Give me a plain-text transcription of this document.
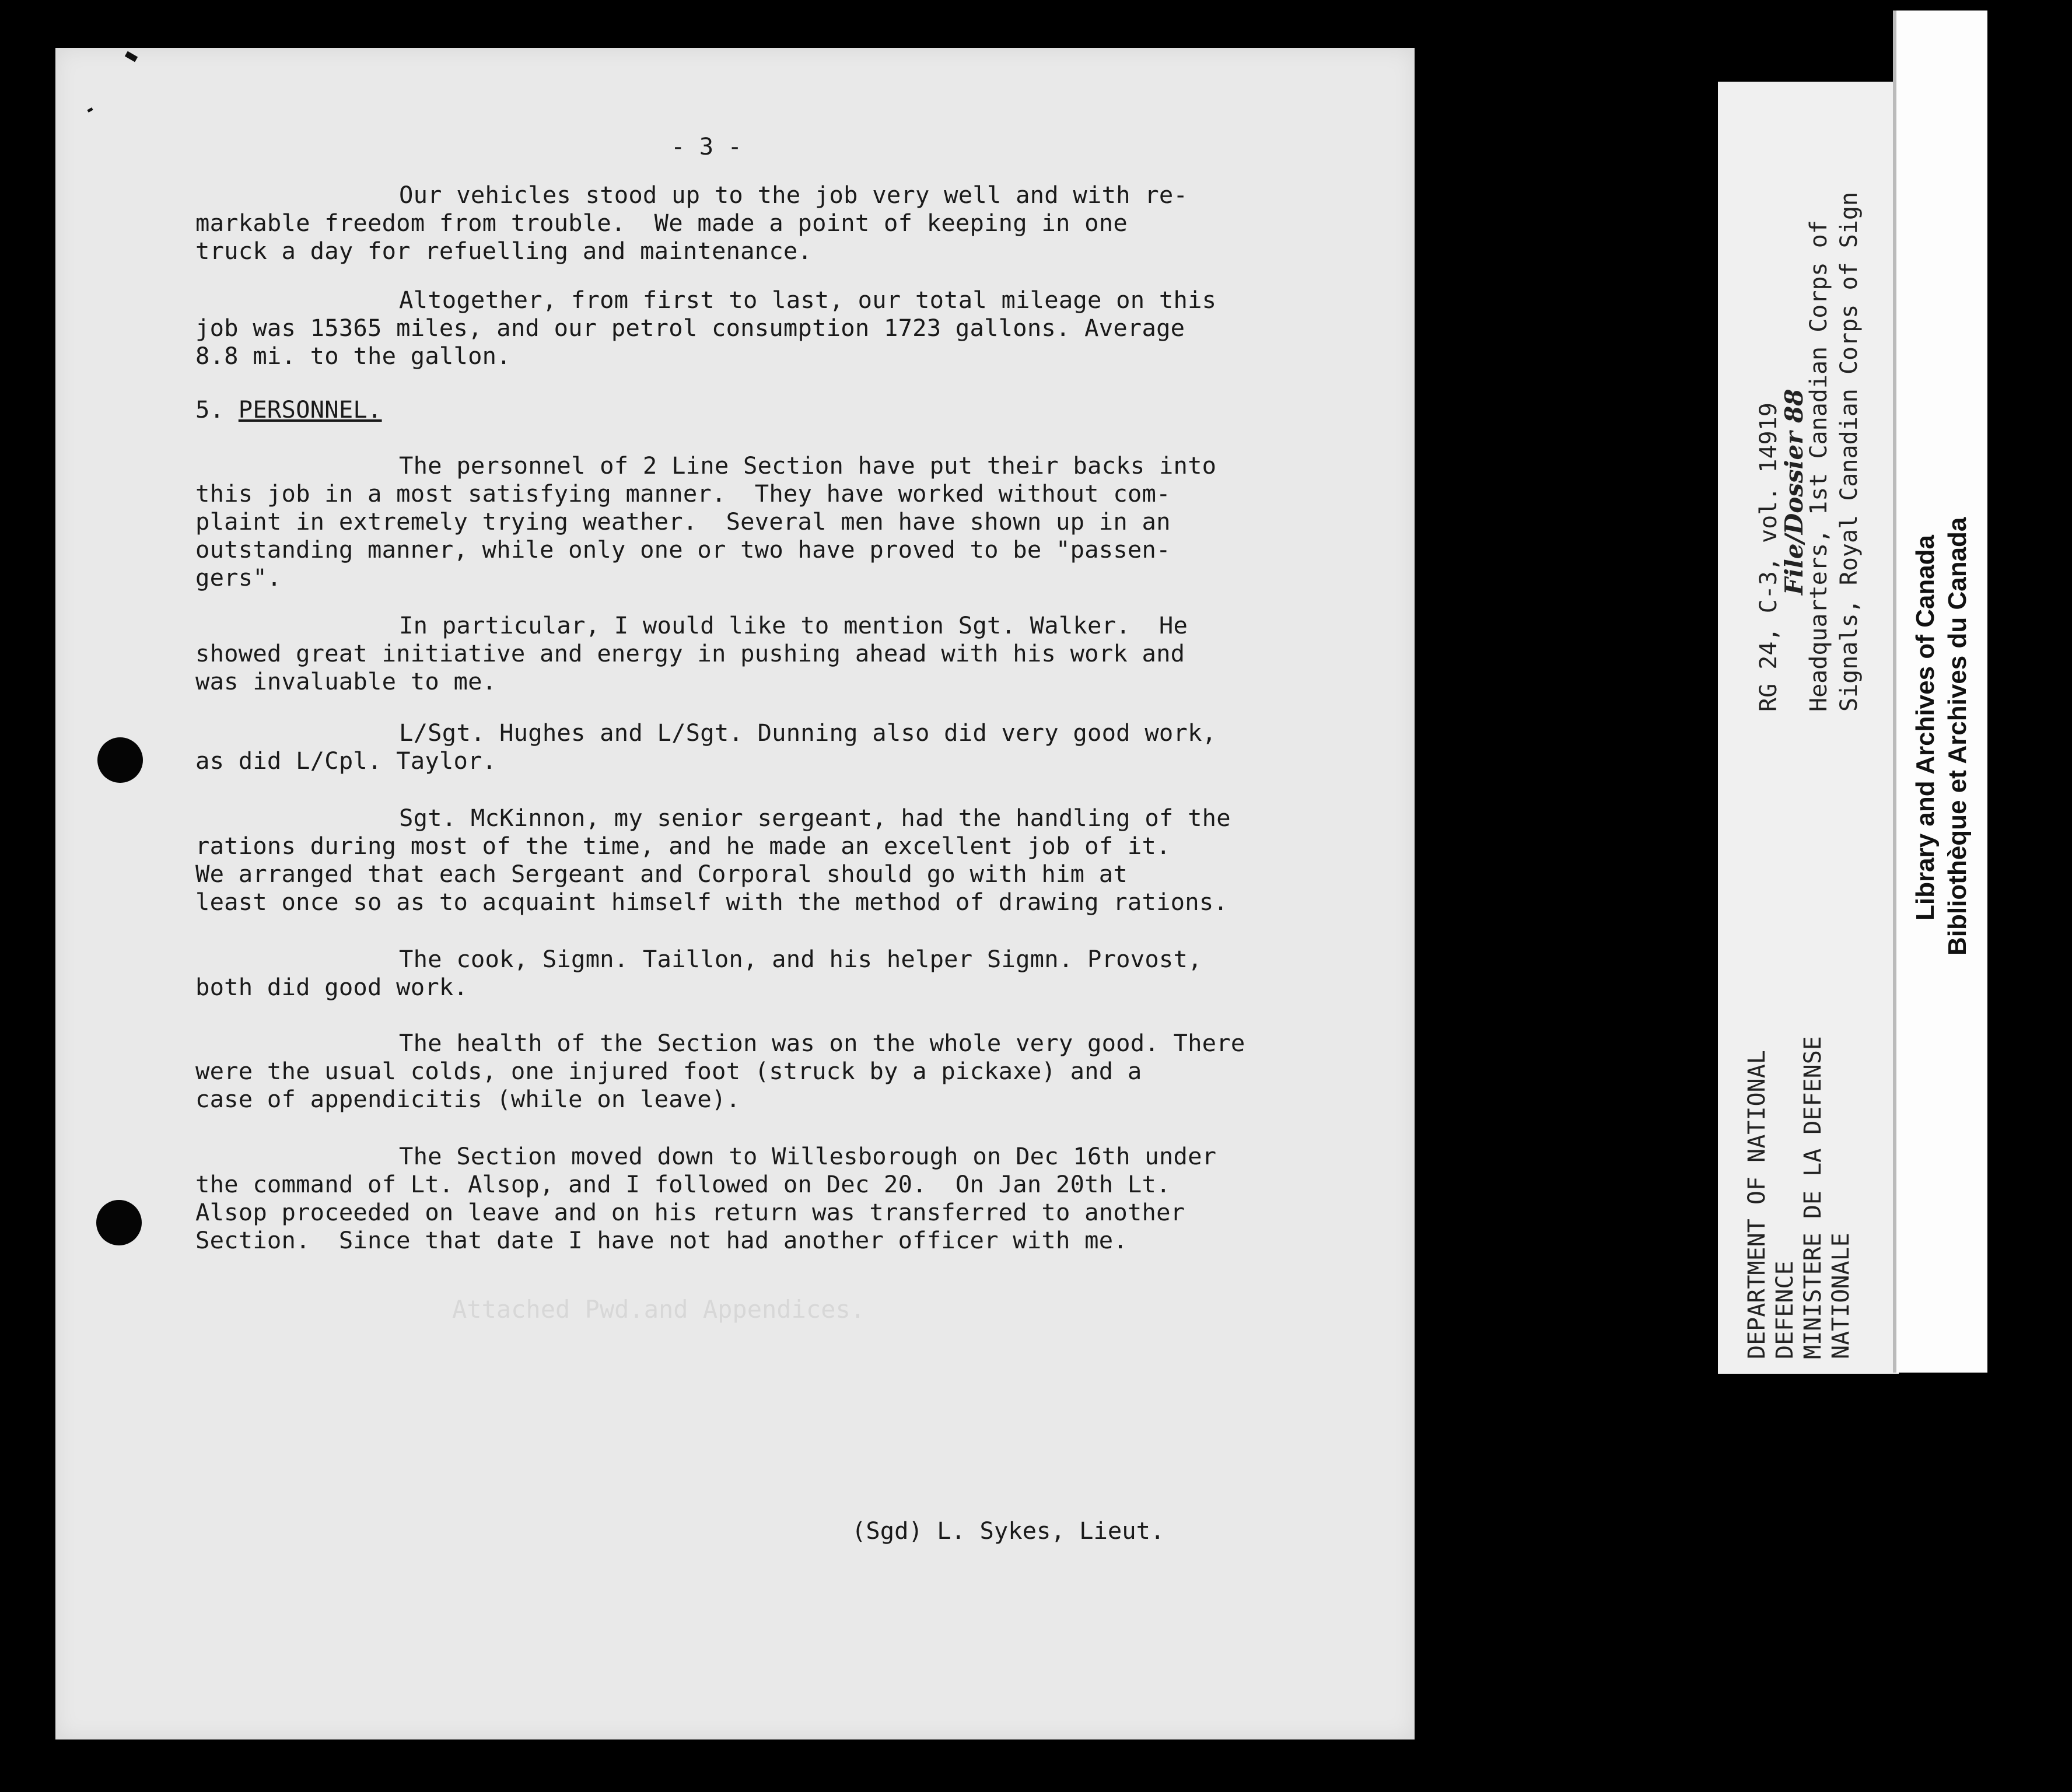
Attached Pwd.and Appendices.
- 3 -
Our vehicles stood up to the job very well and with re-
markable freedom from trouble.  We made a point of keeping in one
truck a day for refuelling and maintenance.
Altogether, from first to last, our total mileage on this
job was 15365 miles, and our petrol consumption 1723 gallons. Average
8.8 mi. to the gallon.
5. PERSONNEL.
The personnel of 2 Line Section have put their backs into
this job in a most satisfying manner.  They have worked without com-
plaint in extremely trying weather.  Several men have shown up in an
outstanding manner, while only one or two have proved to be "passen-
gers".
In particular, I would like to mention Sgt. Walker.  He
showed great initiative and energy in pushing ahead with his work and
was invaluable to me.
L/Sgt. Hughes and L/Sgt. Dunning also did very good work,
as did L/Cpl. Taylor.
Sgt. McKinnon, my senior sergeant, had the handling of the
rations during most of the time, and he made an excellent job of it.
We arranged that each Sergeant and Corporal should go with him at
least once so as to acquaint himself with the method of drawing rations.
The cook, Sigmn. Taillon, and his helper Sigmn. Provost,
both did good work.
The health of the Section was on the whole very good. There
were the usual colds, one injured foot (struck by a pickaxe) and a
case of appendicitis (while on leave).
The Section moved down to Willesborough on Dec 16th under
the command of Lt. Alsop, and I followed on Dec 20.  On Jan 20th Lt.
Alsop proceeded on leave and on his return was transferred to another
Section.  Since that date I have not had another officer with me.
(Sgd) L. Sykes, Lieut.
RG 24, C-3, vol. 14919
File/Dossier 88
Headquarters, 1st Canadian Corps of Signals, Royal Canadian Corps of Sign
DEPARTMENT OF NATIONAL DEFENCE MINISTERE DE LA DEFENSE NATIONALE
Library and Archives of Canada Bibliothèque et Archives du Canada
